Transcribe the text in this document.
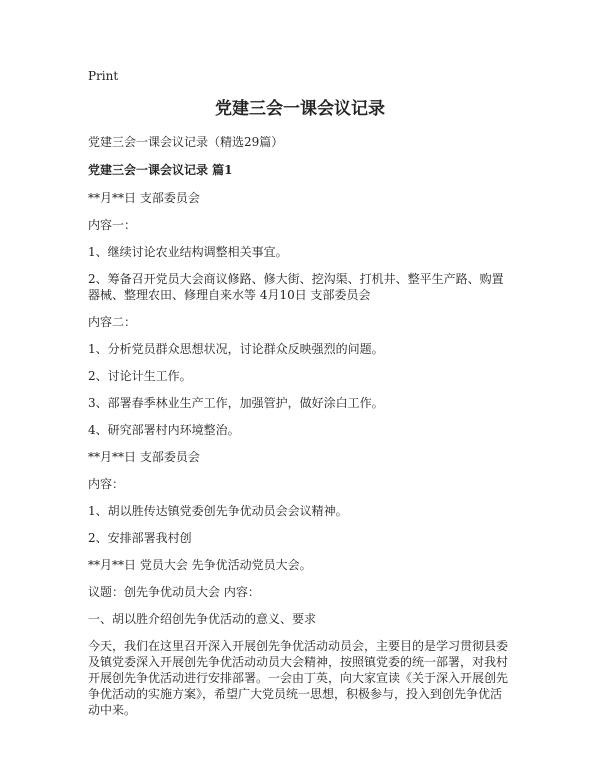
Print
党建三会一课会议记录
党建三会一课会议记录（精选29篇）
党建三会一课会议记录 篇1

**月**日 支部委员会

内容一：

1、继续讨论农业结构调整相关事宜。

2、筹备召开党员大会商议修路、修大街、挖沟渠、打机井、整平生产路、购置器械、整理农田、修理自来水等 4月10日 支部委员会

内容二：

1、分析党员群众思想状况，讨论群众反映强烈的问题。

2、讨论计生工作。

3、部署春季林业生产工作，加强管护，做好涂白工作。

4、研究部署村内环境整治。

**月**日 支部委员会

内容：

1、胡以胜传达镇党委创先争优动员会会议精神。

2、安排部署我村创

**月**日 党员大会 先争优活动党员大会。

议题：创先争优动员大会 内容：

一、胡以胜介绍创先争优活动的意义、要求

今天，我们在这里召开深入开展创先争优活动动员会，主要目的是学习贯彻县委及镇党委深入开展创先争优活动动员大会精神，按照镇党委的统一部署，对我村开展创先争优活动进行安排部署。一会由丁英，向大家宣读《关于深入开展创先争优活动的实施方案》，希望广大党员统一思想，积极参与，投入到创先争优活动中来。
